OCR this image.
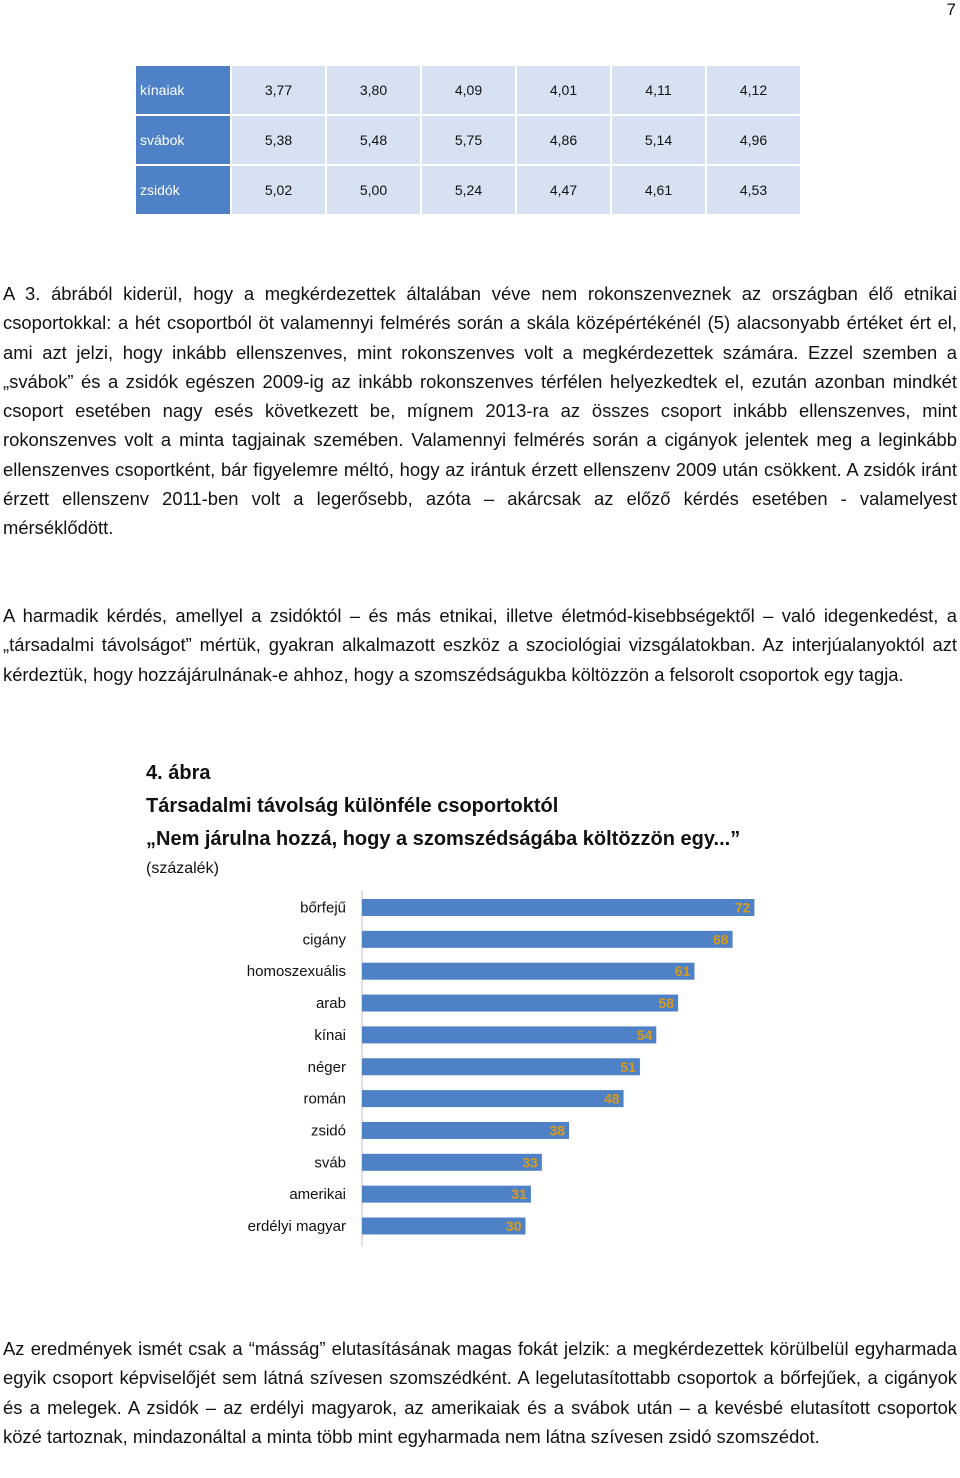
7
kínaiak	3,77	3,80	4,09	4,01	4,11	4,12
svábok	5,38	5,48	5,75	4,86	5,14	4,96
zsidók	5,02	5,00	5,24	4,47	4,61	4,53

A 3. ábrából kiderül, hogy a megkérdezettek általában véve nem rokonszenveznek az országban élő etnikai csoportokkal: a hét csoportból öt valamennyi felmérés során a skála középértékénél (5) alacsonyabb értéket ért el, ami azt jelzi, hogy inkább ellenszenves, mint rokonszenves volt a megkérdezettek számára. Ezzel szemben a „svábok” és a zsidók egészen 2009-ig az inkább rokonszenves térfélen helyezkedtek el, ezután azonban mindkét csoport esetében nagy esés következett be, mígnem 2013-ra az összes csoport inkább ellenszenves, mint rokonszenves volt a minta tagjainak szemében. Valamennyi felmérés során a cigányok jelentek meg a leginkább ellenszenves csoportként, bár figyelemre méltó, hogy az irántuk érzett ellenszenv 2009 után csökkent. A zsidók iránt érzett ellenszenv 2011-ben volt a legerősebb, azóta – akárcsak az előző kérdés esetében - valamelyest mérséklődött.

A harmadik kérdés, amellyel a zsidóktól – és más etnikai, illetve életmód-kisebbségektől – való idegenkedést, a „társadalmi távolságot” mértük, gyakran alkalmazott eszköz a szociológiai vizsgálatokban. Az interjúalanyoktól azt kérdeztük, hogy hozzájárulnának-e ahhoz, hogy a szomszédságukba költözzön a felsorolt csoportok egy tagja.

4. ábra
Társadalmi távolság különféle csoportoktól
„Nem járulna hozzá, hogy a szomszédságába költözzön egy...”
(százalék)
bőrfejű	72
cigány	68
homoszexuális	61
arab	58
kínai	54
néger	51
román	48
zsidó	38
sváb	33
amerikai	31
erdélyi magyar	30

Az eredmények ismét csak a “másság” elutasításának magas fokát jelzik: a megkérdezettek körülbelül egyharmada egyik csoport képviselőjét sem látná szívesen szomszédként. A legelutasítottabb csoportok a bőrfejűek, a cigányok és a melegek. A zsidók – az erdélyi magyarok, az amerikaiak és a svábok után – a kevésbé elutasított csoportok közé tartoznak, mindazonáltal a minta több mint egyharmada nem látna szívesen zsidó szomszédot.
